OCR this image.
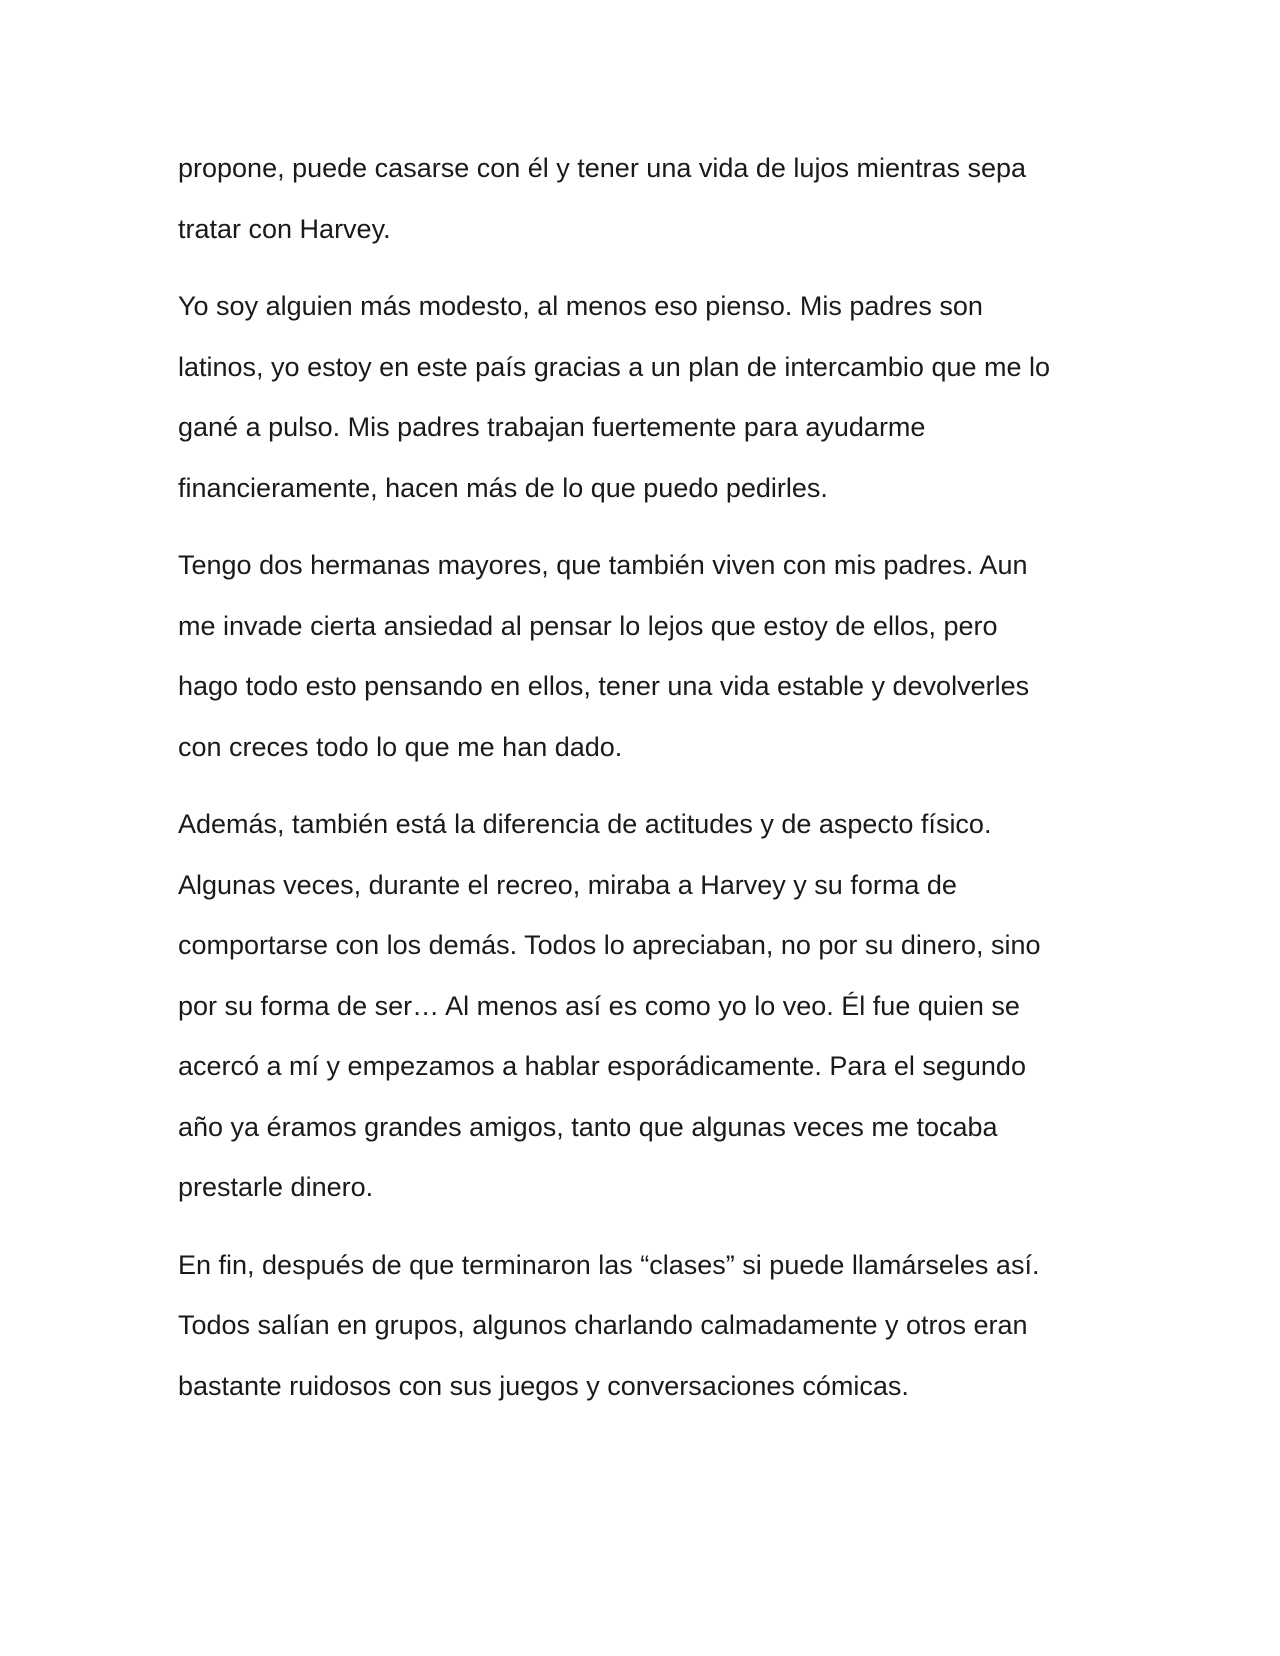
propone, puede casarse con él y tener una vida de lujos mientras sepa
tratar con Harvey.

Yo soy alguien más modesto, al menos eso pienso. Mis padres son
latinos, yo estoy en este país gracias a un plan de intercambio que me lo
gané a pulso. Mis padres trabajan fuertemente para ayudarme
financieramente, hacen más de lo que puedo pedirles.

Tengo dos hermanas mayores, que también viven con mis padres. Aun
me invade cierta ansiedad al pensar lo lejos que estoy de ellos, pero
hago todo esto pensando en ellos, tener una vida estable y devolverles
con creces todo lo que me han dado.

Además, también está la diferencia de actitudes y de aspecto físico.
Algunas veces, durante el recreo, miraba a Harvey y su forma de
comportarse con los demás. Todos lo apreciaban, no por su dinero, sino
por su forma de ser… Al menos así es como yo lo veo. Él fue quien se
acercó a mí y empezamos a hablar esporádicamente. Para el segundo
año ya éramos grandes amigos, tanto que algunas veces me tocaba
prestarle dinero.

En fin, después de que terminaron las “clases” si puede llamárseles así.
Todos salían en grupos, algunos charlando calmadamente y otros eran
bastante ruidosos con sus juegos y conversaciones cómicas.
